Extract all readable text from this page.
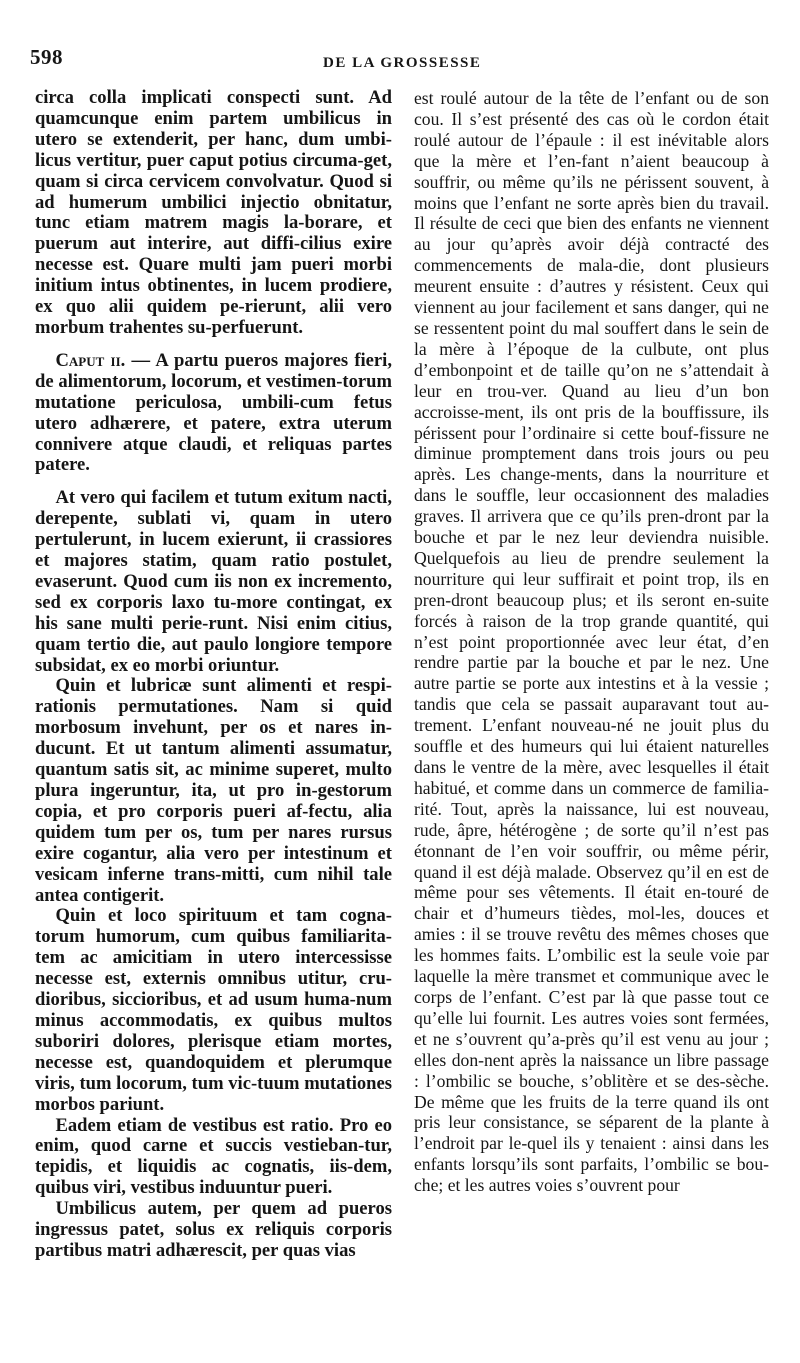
598	DE LA GROSSESSE

circa colla implicati conspecti sunt. Ad quamcunque enim partem umbilicus in utero se extenderit, per hanc, dum umbi-licus vertitur, puer caput potius circuma-get, quam si circa cervicem convolvatur. Quod si ad humerum umbilici injectio obnitatur, tunc etiam matrem magis la-borare, et puerum aut interire, aut diffi-cilius exire necesse est. Quare multi jam pueri morbi initium intus obtinentes, in lucem prodiere, ex quo alii quidem pe-rierunt, alii vero morbum trahentes su-perfuerunt.

Caput ii. — A partu pueros majores fieri, de alimentorum, locorum, et vestimen-torum mutatione periculosa, umbili-cum fetus utero adhærere, et patere, extra uterum connivere atque claudi, et reliquas partes patere.

At vero qui facilem et tutum exitum nacti, derepente, sublati vi, quam in utero pertulerunt, in lucem exierunt, ii crassiores et majores statim, quam ratio postulet, evaserunt. Quod cum iis non ex incremento, sed ex corporis laxo tu-more contingat, ex his sane multi perie-runt. Nisi enim citius, quam tertio die, aut paulo longiore tempore subsidat, ex eo morbi oriuntur.

Quin et lubricæ sunt alimenti et respi-rationis permutationes. Nam si quid morbosum invehunt, per os et nares in-ducunt. Et ut tantum alimenti assumatur, quantum satis sit, ac minime superet, multo plura ingeruntur, ita, ut pro in-gestorum copia, et pro corporis pueri af-fectu, alia quidem tum per os, tum per nares rursus exire cogantur, alia vero per intestinum et vesicam inferne trans-mitti, cum nihil tale antea contigerit.

Quin et loco spirituum et tam cogna-torum humorum, cum quibus familiarita-tem ac amicitiam in utero intercessisse necesse est, externis omnibus utitur, cru-dioribus, siccioribus, et ad usum huma-num minus accommodatis, ex quibus multos suboriri dolores, plerisque etiam mortes, necesse est, quandoquidem et plerumque viris, tum locorum, tum vic-tuum mutationes morbos pariunt.

Eadem etiam de vestibus est ratio. Pro eo enim, quod carne et succis vestieban-tur, tepidis, et liquidis ac cognatis, iis-dem, quibus viri, vestibus induuntur pueri.

Umbilicus autem, per quem ad pueros ingressus patet, solus ex reliquis corporis partibus matri adhærescit, per quas vias

est roulé autour de la tête de l’enfant ou de son cou. Il s’est présenté des cas où le cordon était roulé autour de l’épaule : il est inévitable alors que la mère et l’en-fant n’aient beaucoup à souffrir, ou même qu’ils ne périssent souvent, à moins que l’enfant ne sorte après bien du travail. Il résulte de ceci que bien des enfants ne viennent au jour qu’après avoir déjà contracté des commencements de mala-die, dont plusieurs meurent ensuite : d’autres y résistent. Ceux qui viennent au jour facilement et sans danger, qui ne se ressentent point du mal souffert dans le sein de la mère à l’époque de la culbute, ont plus d’embonpoint et de taille qu’on ne s’attendait à leur en trou-ver. Quand au lieu d’un bon accroisse-ment, ils ont pris de la bouffissure, ils périssent pour l’ordinaire si cette bouf-fissure ne diminue promptement dans trois jours ou peu après. Les change-ments, dans la nourriture et dans le souffle, leur occasionnent des maladies graves. Il arrivera que ce qu’ils pren-dront par la bouche et par le nez leur deviendra nuisible. Quelquefois au lieu de prendre seulement la nourriture qui leur suffirait et point trop, ils en pren-dront beaucoup plus; et ils seront en-suite forcés à raison de la trop grande quantité, qui n’est point proportionnée avec leur état, d’en rendre partie par la bouche et par le nez. Une autre partie se porte aux intestins et à la vessie ; tandis que cela se passait auparavant tout au-trement. L’enfant nouveau-né ne jouit plus du souffle et des humeurs qui lui étaient naturelles dans le ventre de la mère, avec lesquelles il était habitué, et comme dans un commerce de familia-rité. Tout, après la naissance, lui est nouveau, rude, âpre, hétérogène ; de sorte qu’il n’est pas étonnant de l’en voir souffrir, ou même périr, quand il est déjà malade. Observez qu’il en est de même pour ses vêtements. Il était en-touré de chair et d’humeurs tièdes, mol-les, douces et amies : il se trouve revêtu des mêmes choses que les hommes faits. L’ombilic est la seule voie par laquelle la mère transmet et communique avec le corps de l’enfant. C’est par là que passe tout ce qu’elle lui fournit. Les autres voies sont fermées, et ne s’ouvrent qu’a-près qu’il est venu au jour ; elles don-nent après la naissance un libre passage : l’ombilic se bouche, s’oblitère et se des-sèche. De même que les fruits de la terre quand ils ont pris leur consistance, se séparent de la plante à l’endroit par le-quel ils y tenaient : ainsi dans les enfants lorsqu’ils sont parfaits, l’ombilic se bou-che; et les autres voies s’ouvrent pour
